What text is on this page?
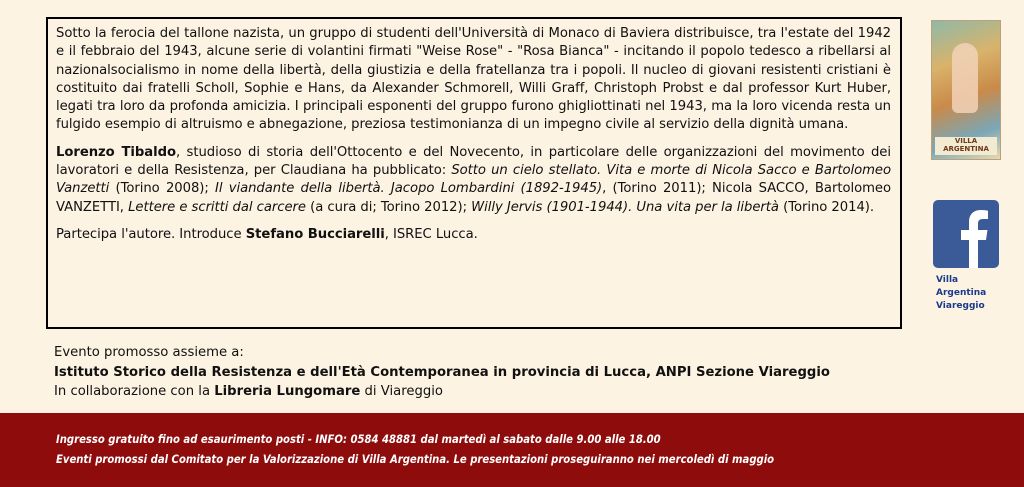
Sotto la ferocia del tallone nazista, un gruppo di studenti dell'Università di Monaco di Baviera distribuisce, tra l'estate del 1942 e il febbraio del 1943, alcune serie di volantini firmati "Weise Rose" - "Rosa Bianca" - incitando il popolo tedesco a ribellarsi al nazionalsocialismo in nome della libertà, della giustizia e della fratellanza tra i popoli. Il nucleo di giovani resistenti cristiani è costituito dai fratelli Scholl, Sophie e Hans, da Alexander Schmorell, Willi Graff, Christoph Probst e dal professor Kurt Huber, legati tra loro da profonda amicizia. I principali esponenti del gruppo furono ghigliottinati nel 1943, ma la loro vicenda resta un fulgido esempio di altruismo e abnegazione, preziosa testimonianza di un impegno civile al servizio della dignità umana.

Lorenzo Tibaldo, studioso di storia dell'Ottocento e del Novecento, in particolare delle organizzazioni del movimento dei lavoratori e della Resistenza, per Claudiana ha pubblicato: Sotto un cielo stellato. Vita e morte di Nicola Sacco e Bartolomeo Vanzetti (Torino 2008); Il viandante della libertà. Jacopo Lombardini (1892-1945), (Torino 2011); Nicola SACCO, Bartolomeo VANZETTI, Lettere e scritti dal carcere (a cura di; Torino 2012); Willy Jervis (1901-1944). Una vita per la libertà (Torino 2014).

Partecipa l'autore. Introduce Stefano Bucciarelli, ISREC Lucca.

Evento promosso assieme a:
Istituto Storico della Resistenza e dell'Età Contemporanea in provincia di Lucca, ANPI Sezione Viareggio
In collaborazione con la Libreria Lungomare di Viareggio
VILLA ARGENTINA
Villa
Argentina
Viareggio
Ingresso gratuito fino ad esaurimento posti - INFO: 0584 48881 dal martedì al sabato dalle 9.00 alle 18.00
Eventi promossi dal Comitato per la Valorizzazione di Villa Argentina. Le presentazioni proseguiranno nei mercoledì di maggio
